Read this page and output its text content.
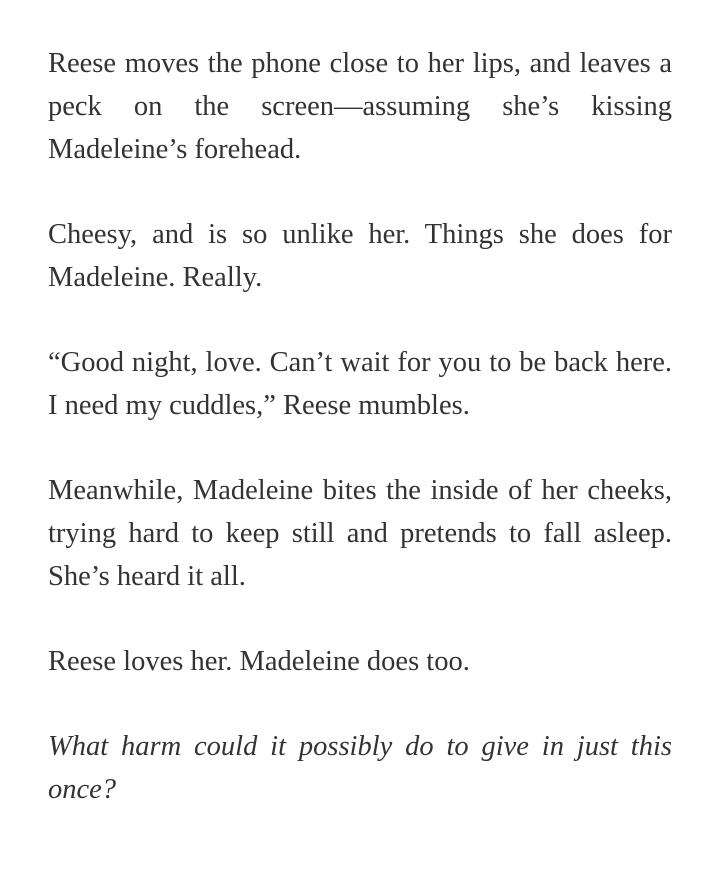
Reese moves the phone close to her lips, and leaves a peck on the screen—assuming she’s kissing Madeleine’s forehead.

Cheesy, and is so unlike her. Things she does for Madeleine. Really.

“Good night, love. Can’t wait for you to be back here. I need my cuddles,” Reese mumbles.

Meanwhile, Madeleine bites the inside of her cheeks, trying hard to keep still and pretends to fall asleep. She’s heard it all.

Reese loves her. Madeleine does too.

What harm could it possibly do to give in just this once?
